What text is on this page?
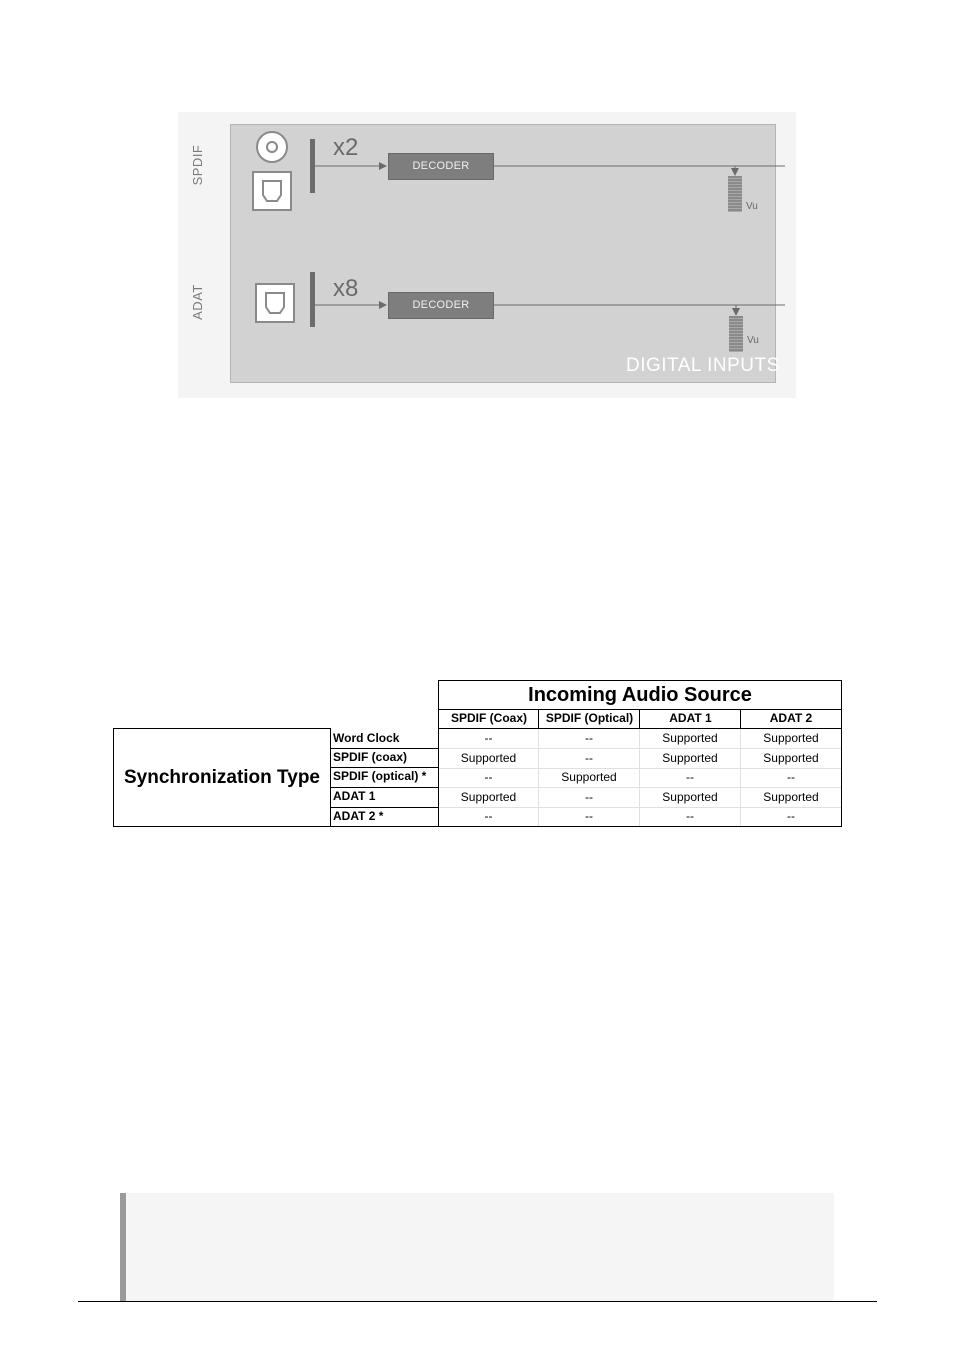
SPDIF	x2
DECODER
Vu
ADAT	x8
DECODER
Vu
DIGITAL INPUTS
Incoming Audio Source
SPDIF (Coax)	SPDIF (Optical)	ADAT 1	ADAT 2
Synchronization Type
Word Clock	--	--	Supported	Supported
SPDIF (coax)	Supported	--	Supported	Supported
SPDIF (optical) *	--	Supported	--	--
ADAT 1	Supported	--	Supported	Supported
ADAT 2 *	--	--	--	--
